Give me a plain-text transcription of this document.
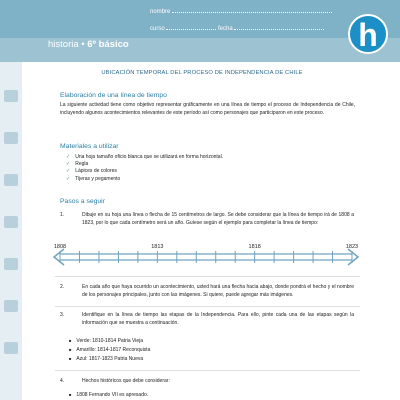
historia • 6º básico
nombre
curso	fecha	h
UBICACIÓN TEMPORAL DEL PROCESO DE INDEPENDENCIA DE CHILE
Elaboración de una línea de tiempo
La siguiente actividad tiene como objetivo representar gráficamente en una línea de tiempo el proceso de Independencia de Chile, incluyendo algunos acontecimientos relevantes de este período así como personajes que participaron en este proceso.
Materiales a utilizar
✓ Una hoja tamaño oficio blanca que se utilizará en forma horizontal.
✓ Regla
✓ Lápices de colores
✓ Tijeras y pegamento
Pasos a seguir
1.	Dibuje en su hoja una línea o flecha de 15 centímetros de largo. Se debe considerar que la línea de tiempo irá de 1808 a 1823, por lo que cada centímetro será un año. Guíese según el ejemplo para completar la línea de tiempo:
1808	1813	1818	1823
2.	En cada año que haya ocurrido un acontecimiento, usted hará una flecha hacia abajo, donde pondrá el hecho y el nombre de los personajes principales, junto con las imágenes. Si quiere, puede agregar más imágenes.
3.	Identifique en la línea de tiempo las etapas de la Independencia. Para ello, pinte cada una de las etapas según la información que se muestra a continuación.
■ Verde: 1810-1814 Patria Vieja
■ Amarillo: 1814-1817 Reconquista
■ Azul: 1817-1823 Patria Nueva
4.	Hechos históricos que debe considerar:
■ 1808 Fernando VII es apresado.
